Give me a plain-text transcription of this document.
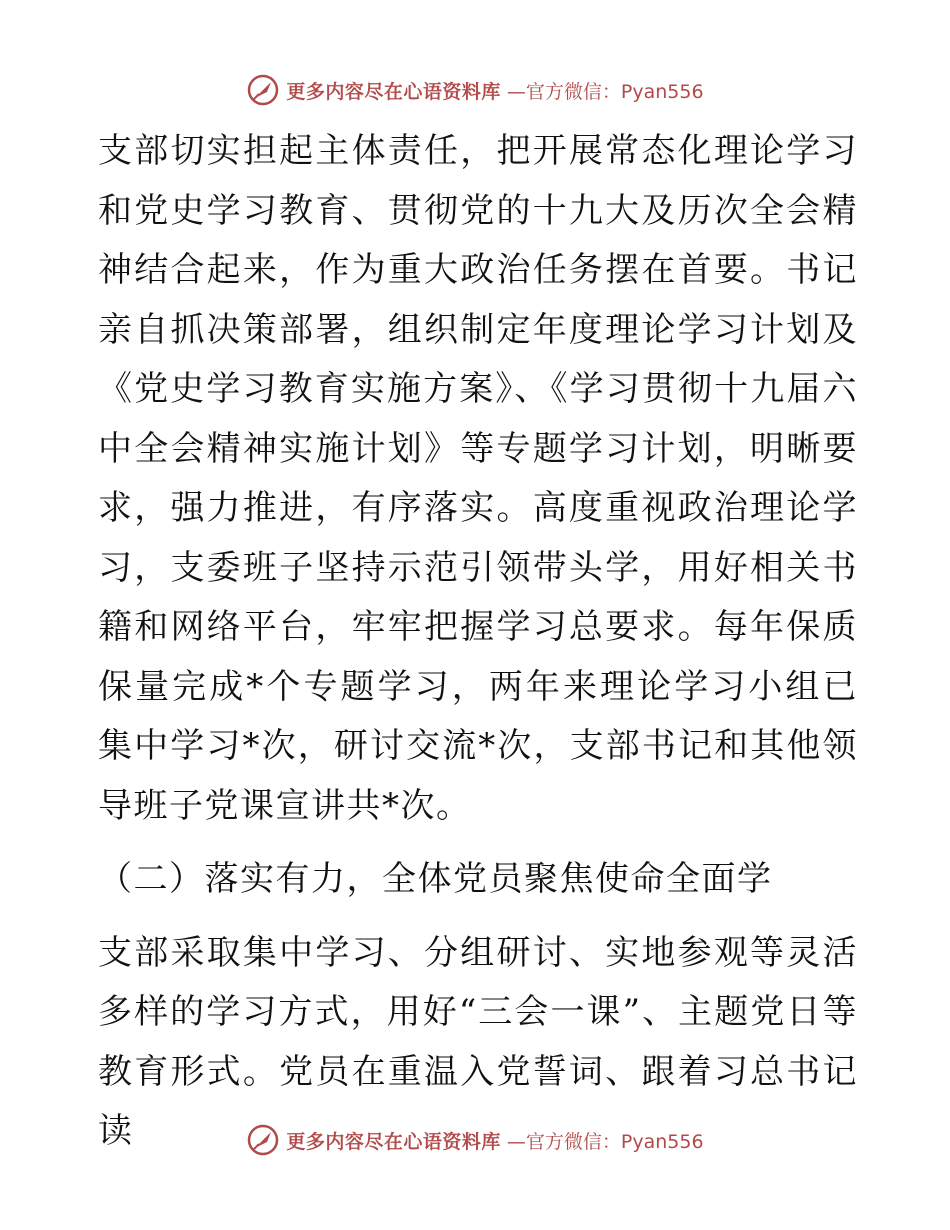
更多内容尽在心语资料库 —官方微信：Pyan556

支部切实担起主体责任，把开展常态化理论学习和党史学习教育、贯彻党的十九大及历次全会精神结合起来，作为重大政治任务摆在首要。书记亲自抓决策部署，组织制定年度理论学习计划及《党史学习教育实施方案》、《学习贯彻十九届六中全会精神实施计划》等专题学习计划，明晰要求，强力推进，有序落实。高度重视政治理论学习，支委班子坚持示范引领带头学，用好相关书籍和网络平台，牢牢把握学习总要求。每年保质保量完成*个专题学习，两年来理论学习小组已集中学习*次，研讨交流*次，支部书记和其他领导班子党课宣讲共*次。

（二）落实有力，全体党员聚焦使命全面学

支部采取集中学习、分组研讨、实地参观等灵活多样的学习方式，用好“三会一课”、主题党日等教育形式。党员在重温入党誓词、跟着习总书记读	更多内容尽在心语资料库 —官方微信：Pyan556
